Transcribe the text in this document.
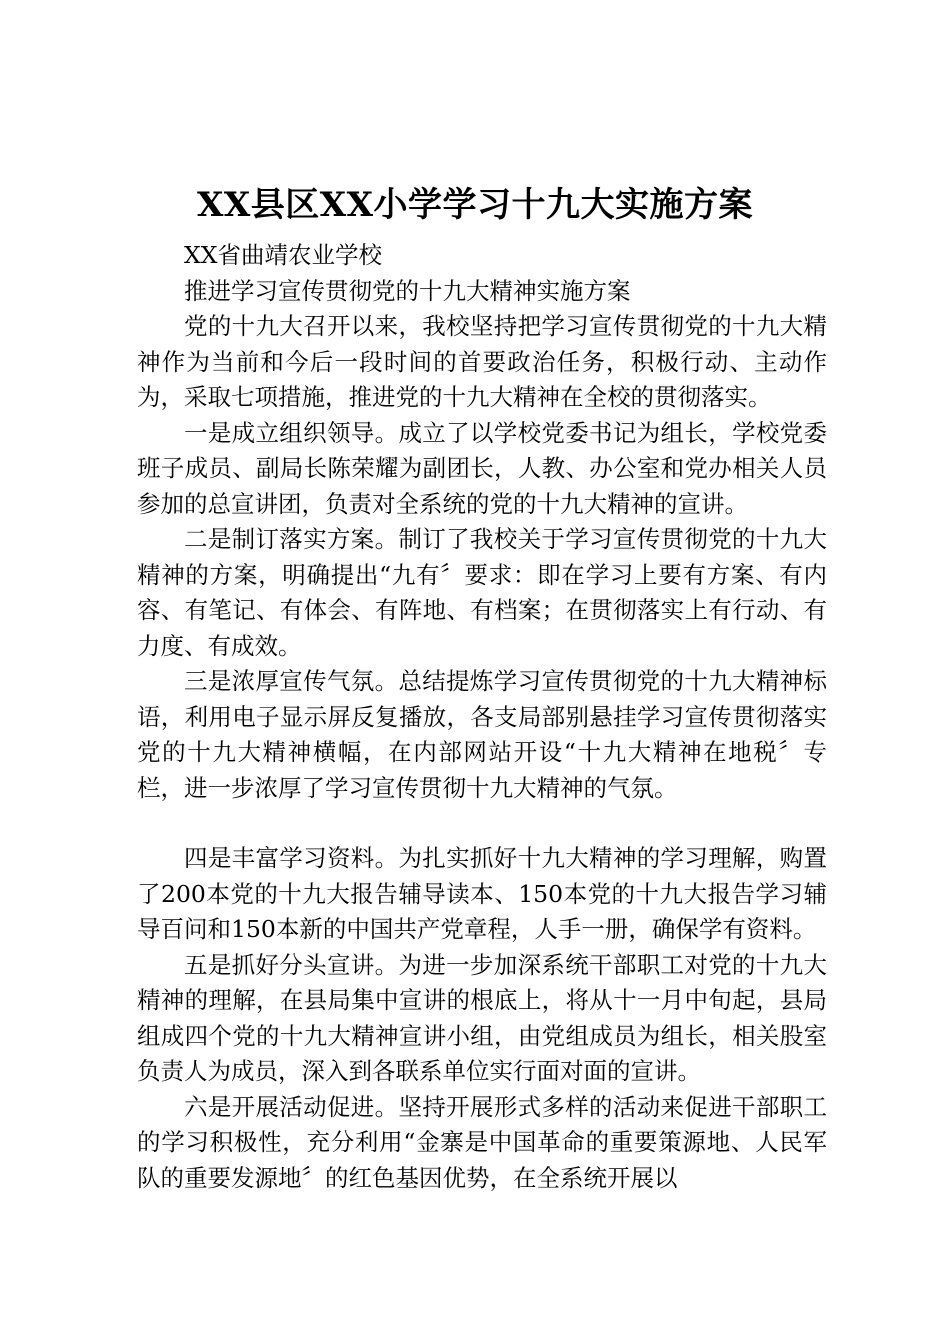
XX县区XX小学学习十九大实施方案

XX省曲靖农业学校

推进学习宣传贯彻党的十九大精神实施方案

党的十九大召开以来，我校坚持把学习宣传贯彻党的十九大精神作为当前和今后一段时间的首要政治任务，积极行动、主动作为，采取七项措施，推进党的十九大精神在全校的贯彻落实。

一是成立组织领导。成立了以学校党委书记为组长，学校党委班子成员、副局长陈荣耀为副团长，人教、办公室和党办相关人员参加的总宣讲团，负责对全系统的党的十九大精神的宣讲。

二是制订落实方案。制订了我校关于学习宣传贯彻党的十九大精神的方案，明确提出“九有〞要求：即在学习上要有方案、有内容、有笔记、有体会、有阵地、有档案；在贯彻落实上有行动、有力度、有成效。

三是浓厚宣传气氛。总结提炼学习宣传贯彻党的十九大精神标语，利用电子显示屏反复播放，各支局部别悬挂学习宣传贯彻落实党的十九大精神横幅，在内部网站开设“十九大精神在地税〞专栏，进一步浓厚了学习宣传贯彻十九大精神的气氛。

四是丰富学习资料。为扎实抓好十九大精神的学习理解，购置了200本党的十九大报告辅导读本、150本党的十九大报告学习辅导百问和150本新的中国共产党章程，人手一册，确保学有资料。

五是抓好分头宣讲。为进一步加深系统干部职工对党的十九大精神的理解，在县局集中宣讲的根底上，将从十一月中旬起，县局组成四个党的十九大精神宣讲小组，由党组成员为组长，相关股室负责人为成员，深入到各联系单位实行面对面的宣讲。

六是开展活动促进。坚持开展形式多样的活动来促进干部职工的学习积极性，充分利用“金寨是中国革命的重要策源地、人民军队的重要发源地〞的红色基因优势，在全系统开展以
